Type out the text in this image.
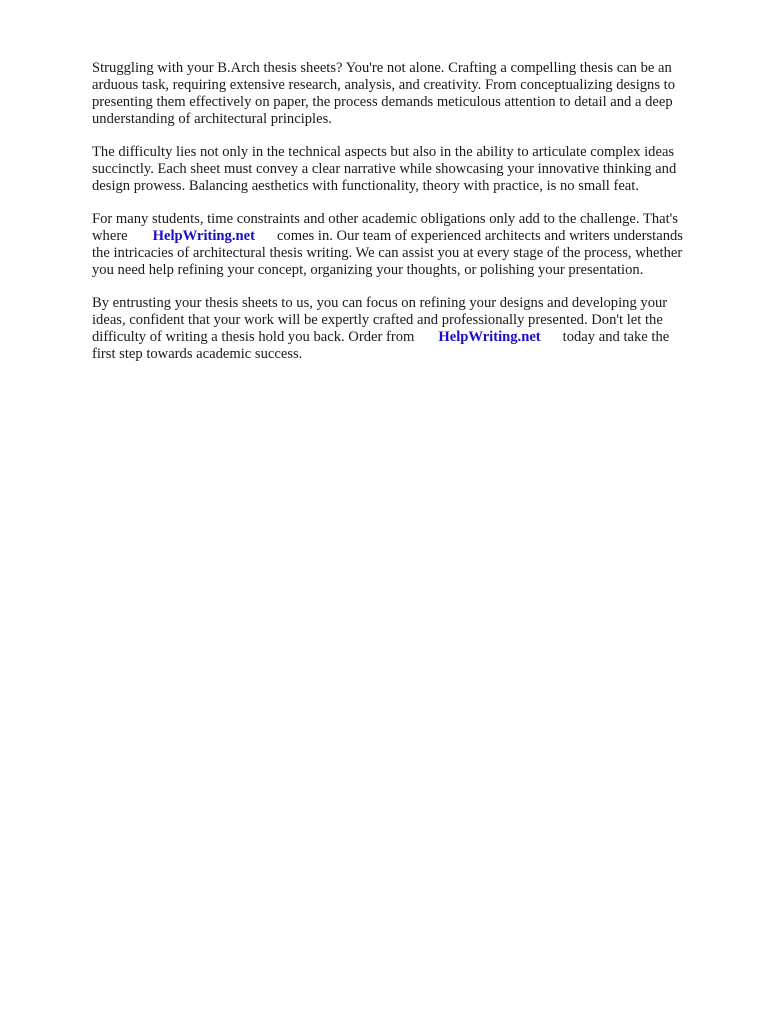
Struggling with your B.Arch thesis sheets? You're not alone. Crafting a compelling thesis can be an
arduous task, requiring extensive research, analysis, and creativity. From conceptualizing designs to
presenting them effectively on paper, the process demands meticulous attention to detail and a deep
understanding of architectural principles.

The difficulty lies not only in the technical aspects but also in the ability to articulate complex ideas
succinctly. Each sheet must convey a clear narrative while showcasing your innovative thinking and
design prowess. Balancing aesthetics with functionality, theory with practice, is no small feat.

For many students, time constraints and other academic obligations only add to the challenge. That's
where HelpWriting.net comes in. Our team of experienced architects and writers understands
the intricacies of architectural thesis writing. We can assist you at every stage of the process, whether
you need help refining your concept, organizing your thoughts, or polishing your presentation.

By entrusting your thesis sheets to us, you can focus on refining your designs and developing your
ideas, confident that your work will be expertly crafted and professionally presented. Don't let the
difficulty of writing a thesis hold you back. Order from HelpWriting.net today and take the
first step towards academic success.
